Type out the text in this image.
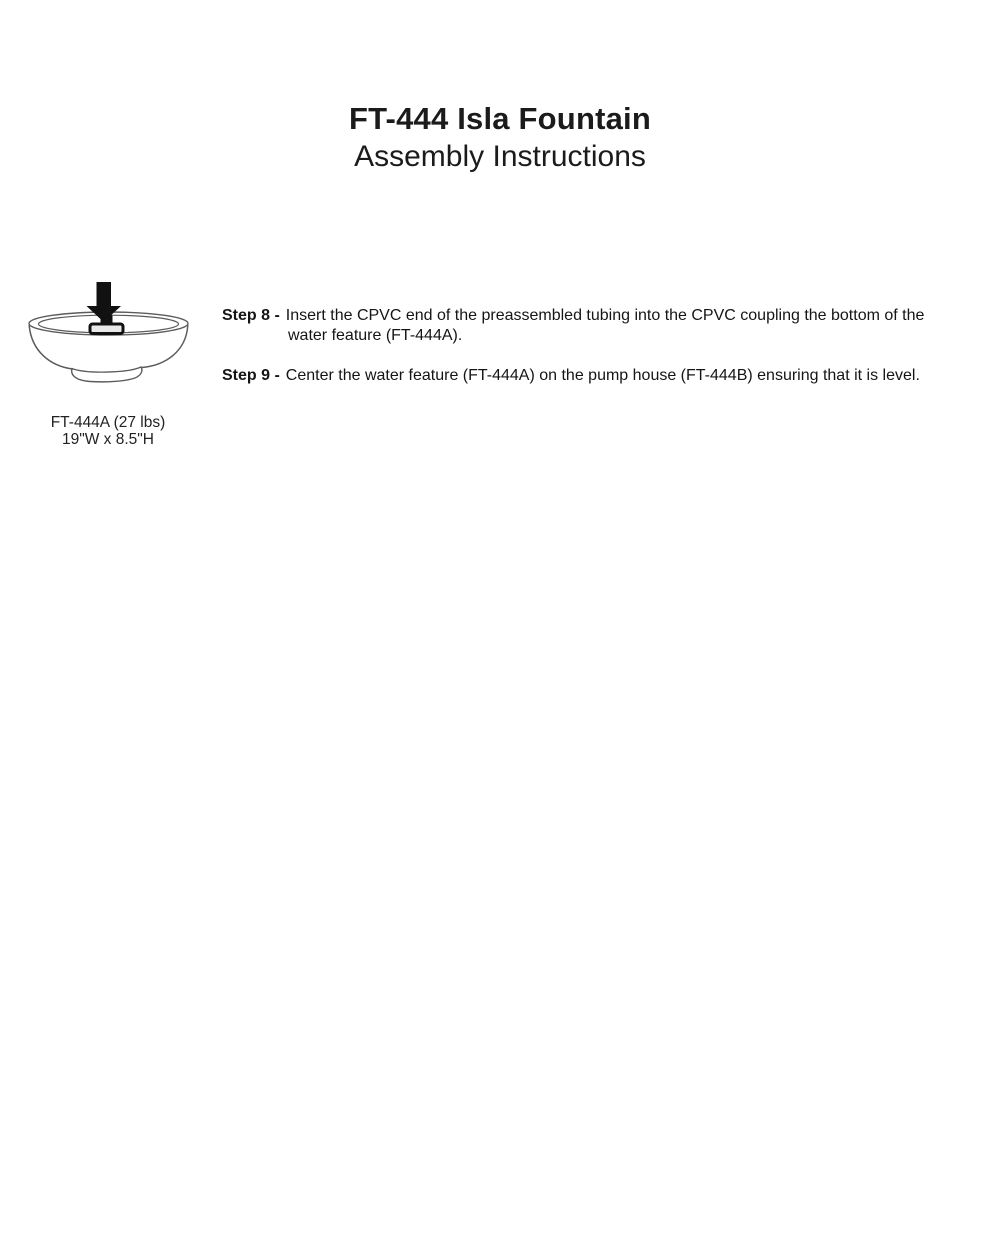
FT-444 Isla Fountain
Assembly Instructions
FT-444A (27 lbs)
19"W x 8.5"H

Step 8 - Insert the CPVC end of the preassembled tubing into the CPVC coupling the bottom of the water feature (FT-444A).

Step 9 - Center the water feature (FT-444A) on the pump house (FT-444B) ensuring that it is level.
